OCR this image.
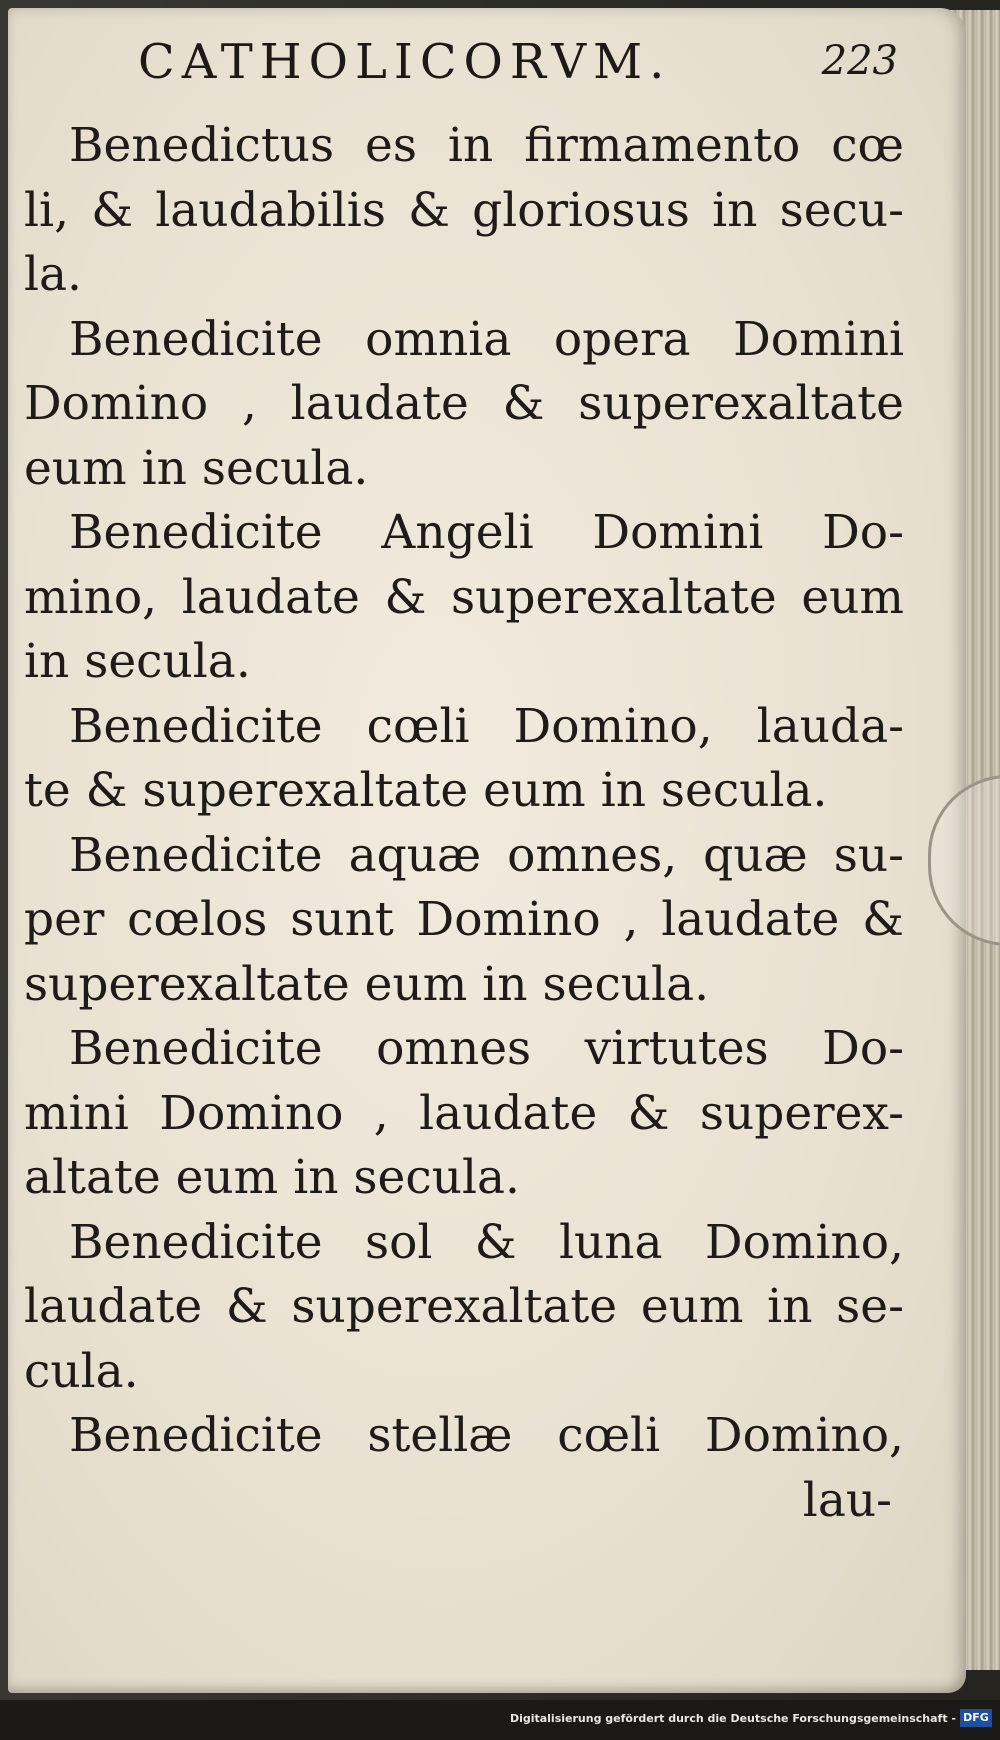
CATHOLICORVM.	223
Benedictus es in firmamento cœ
li, & laudabilis & gloriosus in secu-
la.
Benedicite omnia opera Domini
Domino , laudate & superexaltate
eum in secula.
Benedicite Angeli Domini Do-
mino, laudate & superexaltate eum
in secula.
Benedicite cœli Domino, lauda-
te & superexaltate eum in secula.
Benedicite aquæ omnes, quæ su-
per cœlos sunt Domino , laudate &
superexaltate eum in secula.
Benedicite omnes virtutes Do-
mini Domino , laudate & superex-
altate eum in secula.
Benedicite sol & luna Domino,
laudate & superexaltate eum in se-
cula.
Benedicite stellæ cœli Domino,
lau-
Digitalisierung gefördert durch die Deutsche Forschungsgemeinschaft - DFG
